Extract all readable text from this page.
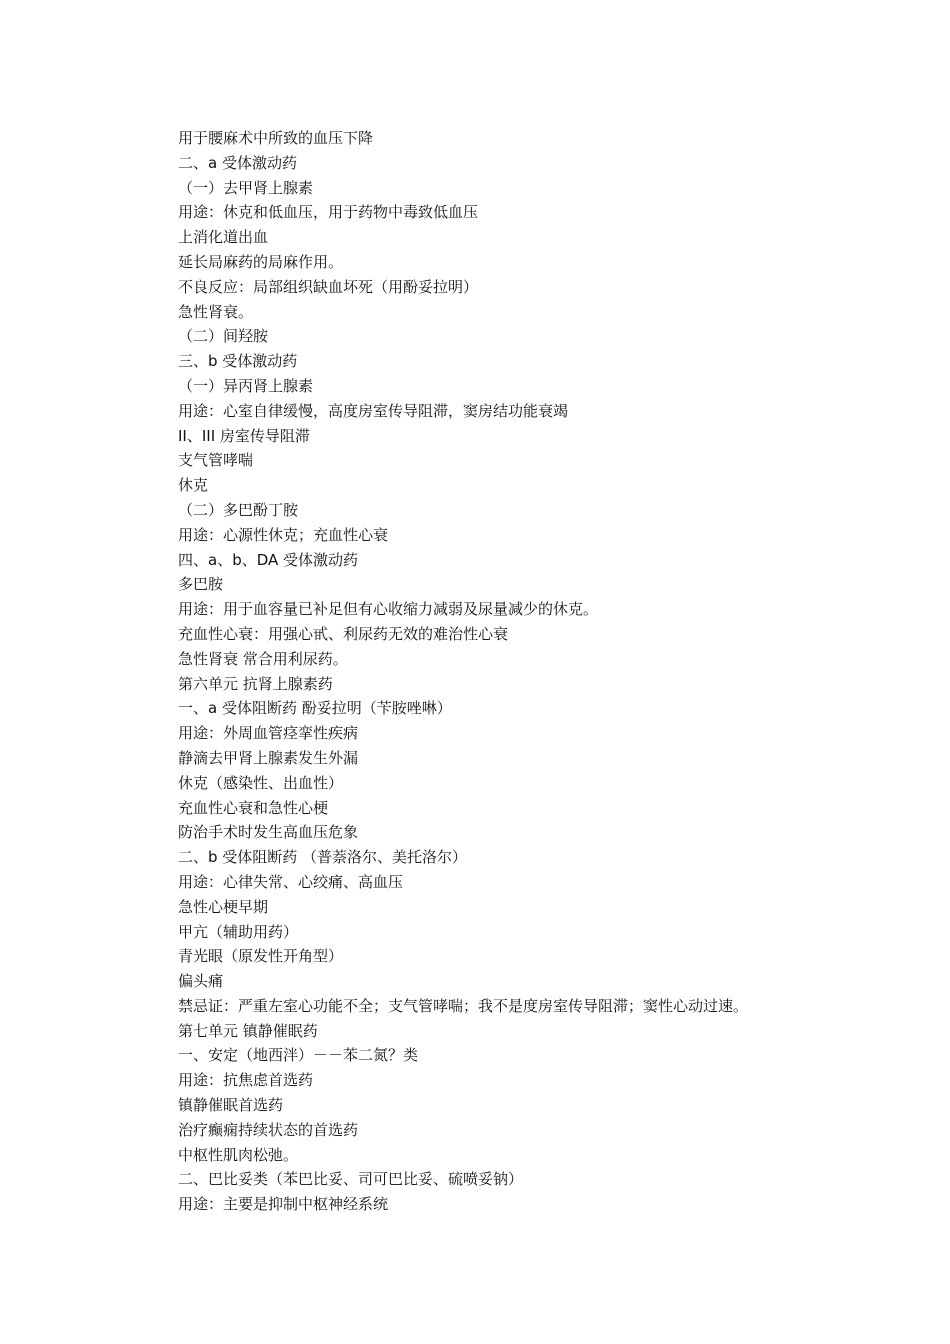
用于腰麻术中所致的血压下降
二、a 受体激动药
（一）去甲肾上腺素
用途：休克和低血压，用于药物中毒致低血压
上消化道出血
延长局麻药的局麻作用。
不良反应：局部组织缺血坏死（用酚妥拉明）
急性肾衰。
（二）间羟胺
三、b 受体激动药
（一）异丙肾上腺素
用途：心室自律缓慢，高度房室传导阻滞，窦房结功能衰竭
II、III 房室传导阻滞
支气管哮喘
休克
（二）多巴酚丁胺
用途：心源性休克；充血性心衰
四、a、b、DA 受体激动药
多巴胺
用途：用于血容量已补足但有心收缩力减弱及尿量减少的休克。
充血性心衰：用强心甙、利尿药无效的难治性心衰
急性肾衰 常合用利尿药。
第六单元 抗肾上腺素药
一、a 受体阻断药 酚妥拉明（苄胺唑啉）
用途：外周血管痉挛性疾病
静滴去甲肾上腺素发生外漏
休克（感染性、出血性）
充血性心衰和急性心梗
防治手术时发生高血压危象
二、b 受体阻断药 （普萘洛尔、美托洛尔）
用途：心律失常、心绞痛、高血压
急性心梗早期
甲亢（辅助用药）
青光眼（原发性开角型）
偏头痛
禁忌证：严重左室心功能不全；支气管哮喘；我不是度房室传导阻滞；窦性心动过速。
第七单元 镇静催眠药
一、安定（地西泮）－－苯二氮？类
用途：抗焦虑首选药
镇静催眠首选药
治疗癫痫持续状态的首选药
中枢性肌肉松弛。
二、巴比妥类（苯巴比妥、司可巴比妥、硫喷妥钠）
用途：主要是抑制中枢神经系统
